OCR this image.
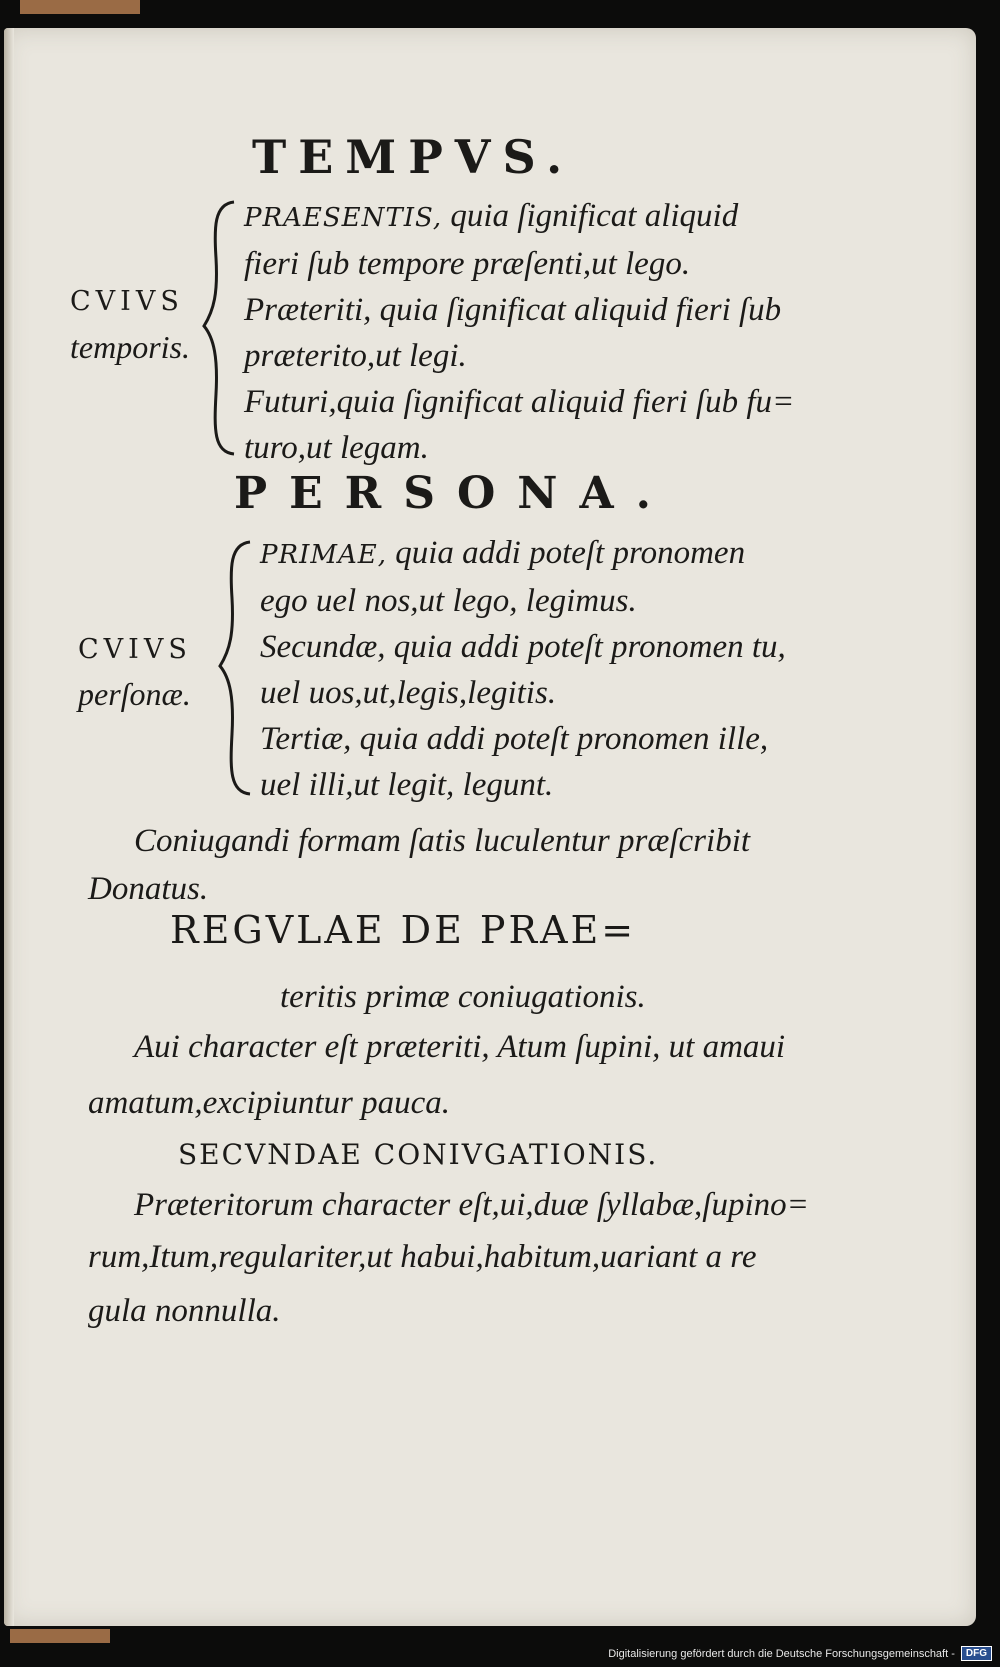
TEMPVS.
CVIVS
temporis.
PRAESENTIS, quia ſignificat aliquid
fieri ſub tempore præſenti,ut lego.
Præteriti, quia ſignificat aliquid fieri ſub
præterito,ut legi.
Futuri,quia ſignificat aliquid fieri ſub fu=
turo,ut legam.
PERSONA.
CVIVS
perſonæ.
PRIMAE, quia addi poteſt pronomen
ego uel nos,ut lego, legimus.
Secundæ, quia addi poteſt pronomen tu,
uel uos,ut,legis,legitis.
Tertiæ, quia addi poteſt pronomen ille,
uel illi,ut legit, legunt.
Coniugandi formam ſatis luculentur præſcribit
Donatus.
REGVLAE DE PRAE=
teritis primæ coniugationis.
Aui character eſt præteriti, Atum ſupini, ut amaui
amatum,excipiuntur pauca.
SECVNDAE CONIVGATIONIS.
Præteritorum character eſt,ui,duæ ſyllabæ,ſupino=
rum,Itum,regulariter,ut habui,habitum,uariant a re
gula nonnulla.
Digitalisierung gefördert durch die Deutsche Forschungsgemeinschaft -	DFG
